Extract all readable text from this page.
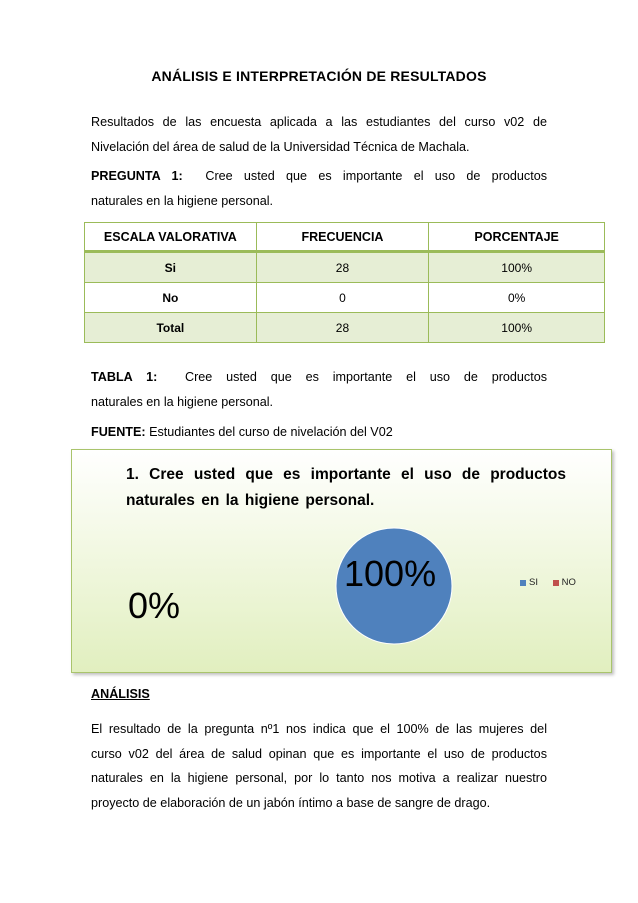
ANÁLISIS E INTERPRETACIÓN DE RESULTADOS
Resultados de las encuesta aplicada a las estudiantes del curso v02 de
Nivelación del área de salud de la Universidad Técnica de Machala.
PREGUNTA 1: Cree usted que es importante el uso de productos
naturales en la higiene personal.
ESCALA VALORATIVA	FRECUENCIA	PORCENTAJE
Si	28	100%
No	0	0%
Total	28	100%
TABLA 1: Cree usted que es importante el uso de productos
naturales en la higiene personal.
FUENTE: Estudiantes del curso de nivelación del V02
1. Cree usted que es importante el uso de productos
naturales en la higiene personal.
100%
0%
SI
NO
ANÁLISIS
El resultado de la pregunta nº1 nos indica que el 100% de las mujeres del
curso v02 del área de salud opinan que es importante el uso de productos
naturales en la higiene personal, por lo tanto nos motiva a realizar nuestro
proyecto de elaboración de un jabón íntimo a base de sangre de drago.
